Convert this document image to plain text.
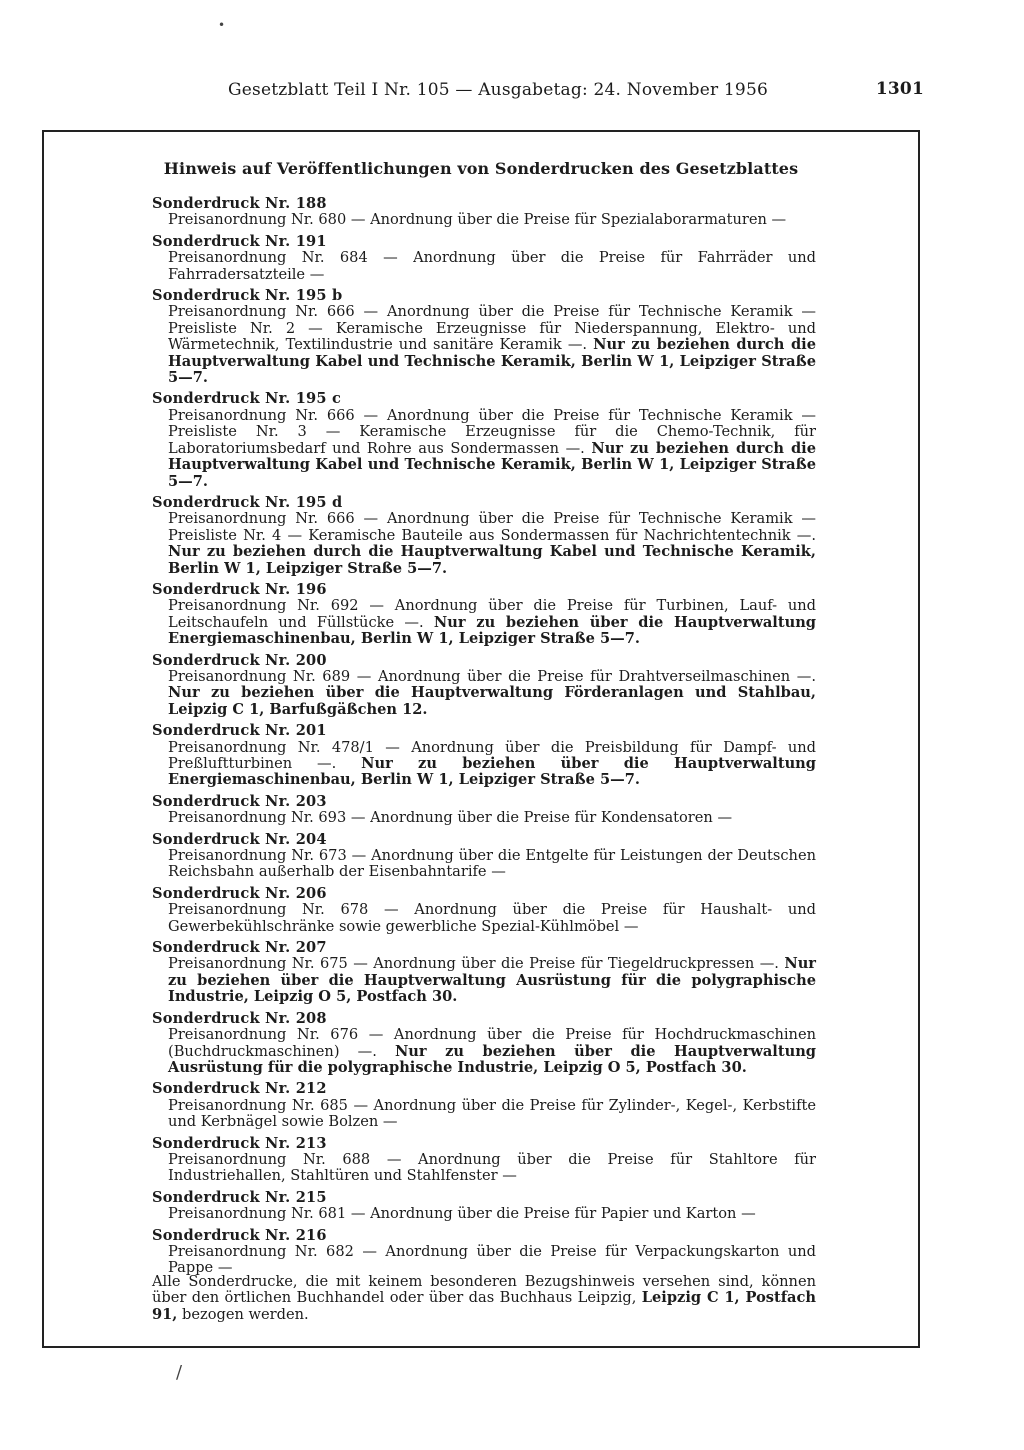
Gesetzblatt Teil I Nr. 105 — Ausgabetag: 24. November 1956	1301
Hinweis auf Veröffentlichungen von Sonderdrucken des Gesetzblattes
Sonderdruck Nr. 188
Preisanordnung Nr. 680 — Anordnung über die Preise für Spezialaborarmaturen —
Sonderdruck Nr. 191
Preisanordnung Nr. 684 — Anordnung über die Preise für Fahrräder und Fahrradersatzteile —
Sonderdruck Nr. 195 b
Preisanordnung Nr. 666 — Anordnung über die Preise für Technische Keramik — Preisliste Nr. 2 — Keramische Erzeugnisse für Niederspannung, Elektro- und Wärmetechnik, Textilindustrie und sanitäre Keramik —. Nur zu beziehen durch die Hauptverwaltung Kabel und Technische Keramik, Berlin W 1, Leipziger Straße 5—7.
Sonderdruck Nr. 195 c
Preisanordnung Nr. 666 — Anordnung über die Preise für Technische Keramik — Preisliste Nr. 3 — Keramische Erzeugnisse für die Chemo-Technik, für Laboratoriumsbedarf und Rohre aus Sondermassen —. Nur zu beziehen durch die Hauptverwaltung Kabel und Technische Keramik, Berlin W 1, Leipziger Straße 5—7.
Sonderdruck Nr. 195 d
Preisanordnung Nr. 666 — Anordnung über die Preise für Technische Keramik — Preisliste Nr. 4 — Keramische Bauteile aus Sondermassen für Nachrichtentechnik —. Nur zu beziehen durch die Hauptverwaltung Kabel und Technische Keramik, Berlin W 1, Leipziger Straße 5—7.
Sonderdruck Nr. 196
Preisanordnung Nr. 692 — Anordnung über die Preise für Turbinen, Lauf- und Leitschaufeln und Füllstücke —. Nur zu beziehen über die Hauptverwaltung Energiemaschinenbau, Berlin W 1, Leipziger Straße 5—7.
Sonderdruck Nr. 200
Preisanordnung Nr. 689 — Anordnung über die Preise für Drahtverseilmaschinen —. Nur zu beziehen über die Hauptverwaltung Förderanlagen und Stahlbau, Leipzig C 1, Barfußgäßchen 12.
Sonderdruck Nr. 201
Preisanordnung Nr. 478/1 — Anordnung über die Preisbildung für Dampf- und Preßluftturbinen —. Nur zu beziehen über die Hauptverwaltung Energiemaschinenbau, Berlin W 1, Leipziger Straße 5—7.
Sonderdruck Nr. 203
Preisanordnung Nr. 693 — Anordnung über die Preise für Kondensatoren —
Sonderdruck Nr. 204
Preisanordnung Nr. 673 — Anordnung über die Entgelte für Leistungen der Deutschen Reichsbahn außerhalb der Eisenbahntarife —
Sonderdruck Nr. 206
Preisanordnung Nr. 678 — Anordnung über die Preise für Haushalt- und Gewerbekühlschränke sowie gewerbliche Spezial-Kühlmöbel —
Sonderdruck Nr. 207
Preisanordnung Nr. 675 — Anordnung über die Preise für Tiegeldruckpressen —. Nur zu beziehen über die Hauptverwaltung Ausrüstung für die polygraphische Industrie, Leipzig O 5, Postfach 30.
Sonderdruck Nr. 208
Preisanordnung Nr. 676 — Anordnung über die Preise für Hochdruckmaschinen (Buchdruckmaschinen) —. Nur zu beziehen über die Hauptverwaltung Ausrüstung für die polygraphische Industrie, Leipzig O 5, Postfach 30.
Sonderdruck Nr. 212
Preisanordnung Nr. 685 — Anordnung über die Preise für Zylinder-, Kegel-, Kerbstifte und Kerbnägel sowie Bolzen —
Sonderdruck Nr. 213
Preisanordnung Nr. 688 — Anordnung über die Preise für Stahltore für Industriehallen, Stahltüren und Stahlfenster —
Sonderdruck Nr. 215
Preisanordnung Nr. 681 — Anordnung über die Preise für Papier und Karton —
Sonderdruck Nr. 216
Preisanordnung Nr. 682 — Anordnung über die Preise für Verpackungskarton und Pappe —
Alle Sonderdrucke, die mit keinem besonderen Bezugshinweis versehen sind, können über den örtlichen Buchhandel oder über das Buchhaus Leipzig, Leipzig C 1, Postfach 91, bezogen werden.
•
/
